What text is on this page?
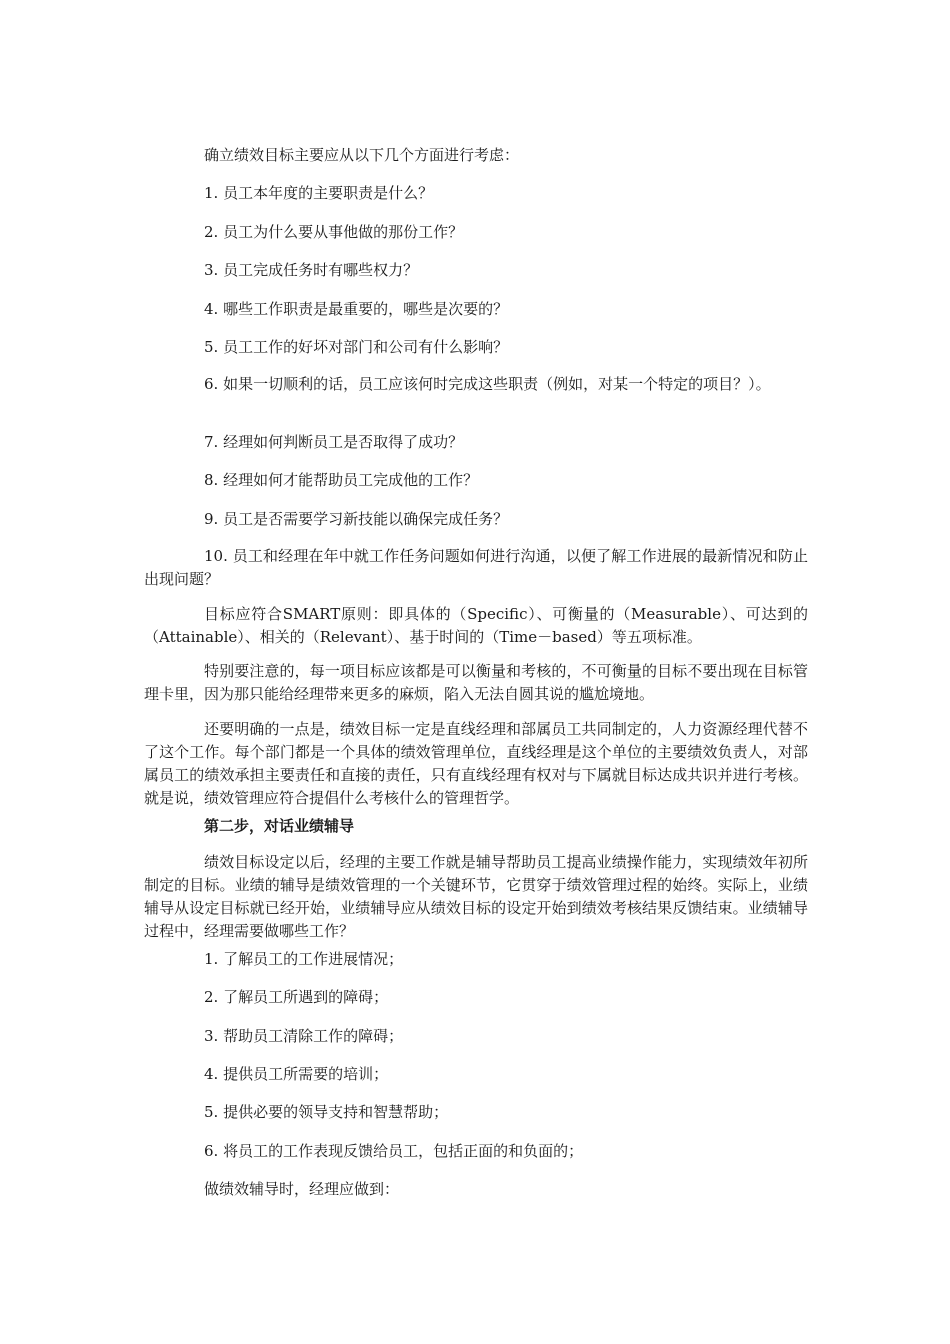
确立绩效目标主要应从以下几个方面进行考虑：

1. 员工本年度的主要职责是什么？

2. 员工为什么要从事他做的那份工作？

3. 员工完成任务时有哪些权力？

4. 哪些工作职责是最重要的，哪些是次要的？

5. 员工工作的好坏对部门和公司有什么影响？

6. 如果一切顺利的话，员工应该何时完成这些职责（例如，对某一个特定的项目？）。

7. 经理如何判断员工是否取得了成功？

8. 经理如何才能帮助员工完成他的工作？

9. 员工是否需要学习新技能以确保完成任务？

10. 员工和经理在年中就工作任务问题如何进行沟通，以便了解工作进展的最新情况和防止出现问题？

目标应符合SMART原则：即具体的（Specific）、可衡量的（Measurable）、可达到的（Attainable）、相关的（Relevant）、基于时间的（Time－based）等五项标准。

特别要注意的，每一项目标应该都是可以衡量和考核的，不可衡量的目标不要出现在目标管理卡里，因为那只能给经理带来更多的麻烦，陷入无法自圆其说的尴尬境地。

还要明确的一点是，绩效目标一定是直线经理和部属员工共同制定的，人力资源经理代替不了这个工作。每个部门都是一个具体的绩效管理单位，直线经理是这个单位的主要绩效负责人，对部属员工的绩效承担主要责任和直接的责任，只有直线经理有权对与下属就目标达成共识并进行考核。就是说，绩效管理应符合提倡什么考核什么的管理哲学。

第二步，对话业绩辅导

绩效目标设定以后，经理的主要工作就是辅导帮助员工提高业绩操作能力，实现绩效年初所制定的目标。业绩的辅导是绩效管理的一个关键环节，它贯穿于绩效管理过程的始终。实际上，业绩辅导从设定目标就已经开始，业绩辅导应从绩效目标的设定开始到绩效考核结果反馈结束。业绩辅导过程中，经理需要做哪些工作？

1. 了解员工的工作进展情况；

2. 了解员工所遇到的障碍；

3. 帮助员工清除工作的障碍；

4. 提供员工所需要的培训；

5. 提供必要的领导支持和智慧帮助；

6. 将员工的工作表现反馈给员工，包括正面的和负面的；

做绩效辅导时，经理应做到：
